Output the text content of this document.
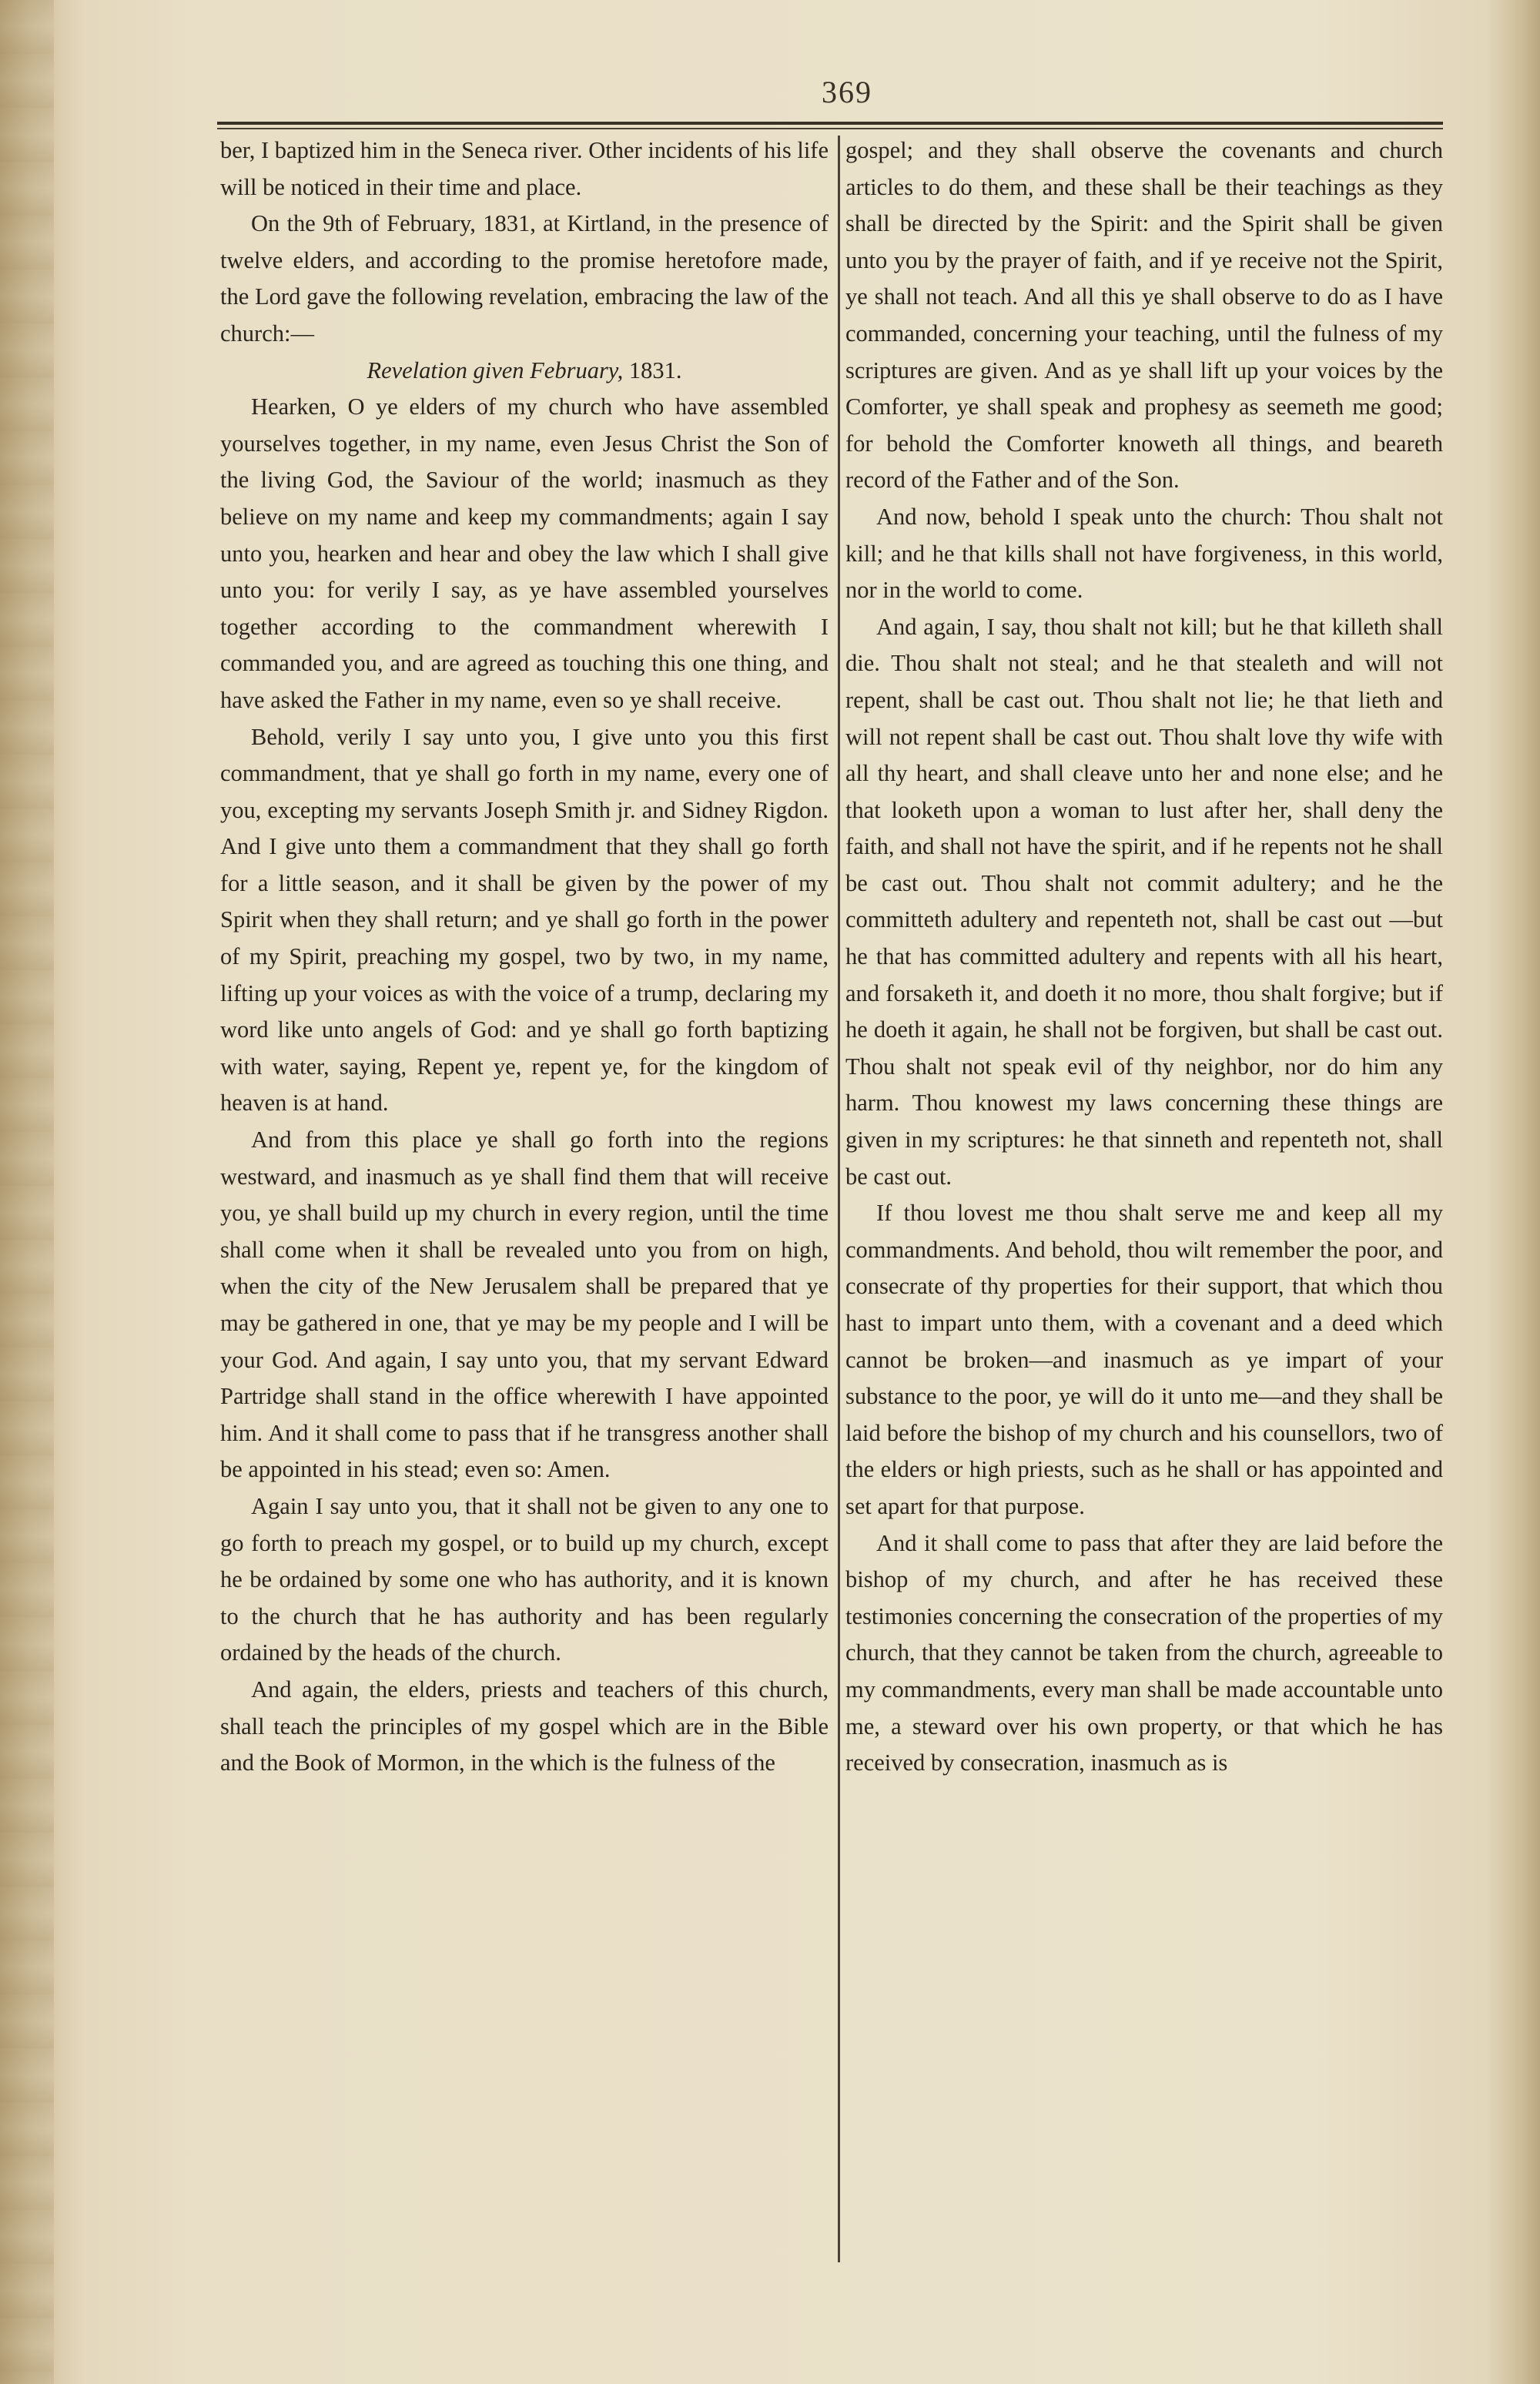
369

ber, I baptized him in the Seneca river. Other incidents of his life will be noticed in their time and place.

On the 9th of February, 1831, at Kirtland, in the presence of twelve elders, and according to the promise heretofore made, the Lord gave the following revelation, embracing the law of the church:—

Revelation given February, 1831.

Hearken, O ye elders of my church who have assembled yourselves together, in my name, even Jesus Christ the Son of the living God, the Saviour of the world; inasmuch as they believe on my name and keep my commandments; again I say unto you, hearken and hear and obey the law which I shall give unto you: for verily I say, as ye have assembled yourselves together according to the commandment wherewith I commanded you, and are agreed as touching this one thing, and have asked the Father in my name, even so ye shall receive.

Behold, verily I say unto you, I give unto you this first commandment, that ye shall go forth in my name, every one of you, excepting my servants Joseph Smith jr. and Sidney Rigdon. And I give unto them a commandment that they shall go forth for a little season, and it shall be given by the power of my Spirit when they shall return; and ye shall go forth in the power of my Spirit, preaching my gospel, two by two, in my name, lifting up your voices as with the voice of a trump, declaring my word like unto angels of God: and ye shall go forth baptizing with water, saying, Repent ye, repent ye, for the kingdom of heaven is at hand.

And from this place ye shall go forth into the regions westward, and inasmuch as ye shall find them that will receive you, ye shall build up my church in every region, until the time shall come when it shall be revealed unto you from on high, when the city of the New Jerusalem shall be prepared that ye may be gathered in one, that ye may be my people and I will be your God. And again, I say unto you, that my servant Edward Partridge shall stand in the office wherewith I have appointed him. And it shall come to pass that if he transgress another shall be appointed in his stead; even so: Amen.

Again I say unto you, that it shall not be given to any one to go forth to preach my gospel, or to build up my church, except he be ordained by some one who has authority, and it is known to the church that he has authority and has been regularly ordained by the heads of the church.

And again, the elders, priests and teachers of this church, shall teach the principles of my gospel which are in the Bible and the Book of Mormon, in the which is the fulness of the

gospel; and they shall observe the covenants and church articles to do them, and these shall be their teachings as they shall be directed by the Spirit: and the Spirit shall be given unto you by the prayer of faith, and if ye receive not the Spirit, ye shall not teach. And all this ye shall observe to do as I have commanded, concerning your teaching, until the fulness of my scriptures are given. And as ye shall lift up your voices by the Comforter, ye shall speak and prophesy as seemeth me good; for behold the Comforter knoweth all things, and beareth record of the Father and of the Son.

And now, behold I speak unto the church: Thou shalt not kill; and he that kills shall not have forgiveness, in this world, nor in the world to come.

And again, I say, thou shalt not kill; but he that killeth shall die. Thou shalt not steal; and he that stealeth and will not repent, shall be cast out. Thou shalt not lie; he that lieth and will not repent shall be cast out. Thou shalt love thy wife with all thy heart, and shall cleave unto her and none else; and he that looketh upon a woman to lust after her, shall deny the faith, and shall not have the spirit, and if he repents not he shall be cast out. Thou shalt not commit adultery; and he the committeth adultery and repenteth not, shall be cast out —but he that has committed adultery and repents with all his heart, and forsaketh it, and doeth it no more, thou shalt forgive; but if he doeth it again, he shall not be forgiven, but shall be cast out. Thou shalt not speak evil of thy neighbor, nor do him any harm. Thou knowest my laws concerning these things are given in my scriptures: he that sinneth and repenteth not, shall be cast out.

If thou lovest me thou shalt serve me and keep all my commandments. And behold, thou wilt remember the poor, and consecrate of thy properties for their support, that which thou hast to impart unto them, with a covenant and a deed which cannot be broken—and inasmuch as ye impart of your substance to the poor, ye will do it unto me—and they shall be laid before the bishop of my church and his counsellors, two of the elders or high priests, such as he shall or has appointed and set apart for that purpose.

And it shall come to pass that after they are laid before the bishop of my church, and after he has received these testimonies concerning the consecration of the properties of my church, that they cannot be taken from the church, agreeable to my commandments, every man shall be made accountable unto me, a steward over his own property, or that which he has received by consecration, inasmuch as is
